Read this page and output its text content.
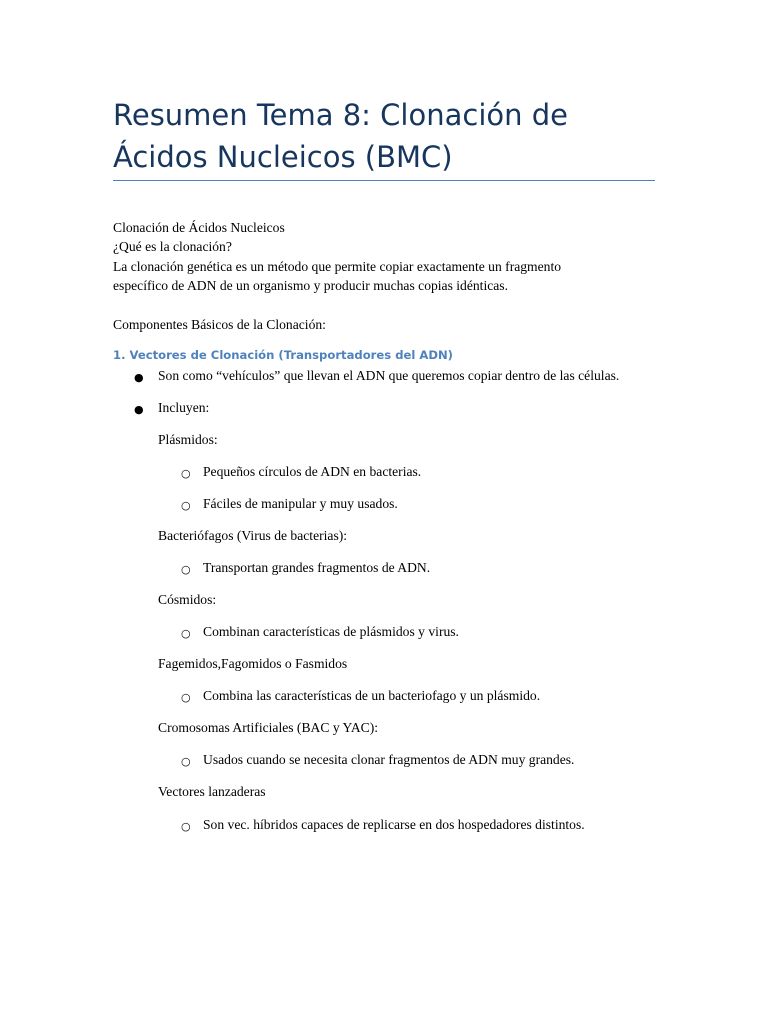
Resumen Tema 8: Clonación de Ácidos Nucleicos (BMC)
Clonación de Ácidos Nucleicos
¿Qué es la clonación?
La clonación genética es un método que permite copiar exactamente un fragmento
específico de ADN de un organismo y producir muchas copias idénticas.
Componentes Básicos de la Clonación:
1. Vectores de Clonación (Transportadores del ADN)
● Son como “vehículos” que llevan el ADN que queremos copiar dentro de las células.
● Incluyen:
Plásmidos:
○ Pequeños círculos de ADN en bacterias.
○ Fáciles de manipular y muy usados.
Bacteriófagos (Virus de bacterias):
○ Transportan grandes fragmentos de ADN.
Cósmidos:
○ Combinan características de plásmidos y virus.
Fagemidos,Fagomidos o Fasmidos
○ Combina las características de un bacteriofago y un plásmido.
Cromosomas Artificiales (BAC y YAC):
○ Usados cuando se necesita clonar fragmentos de ADN muy grandes.
Vectores lanzaderas
○ Son vec. híbridos capaces de replicarse en dos hospedadores distintos.
